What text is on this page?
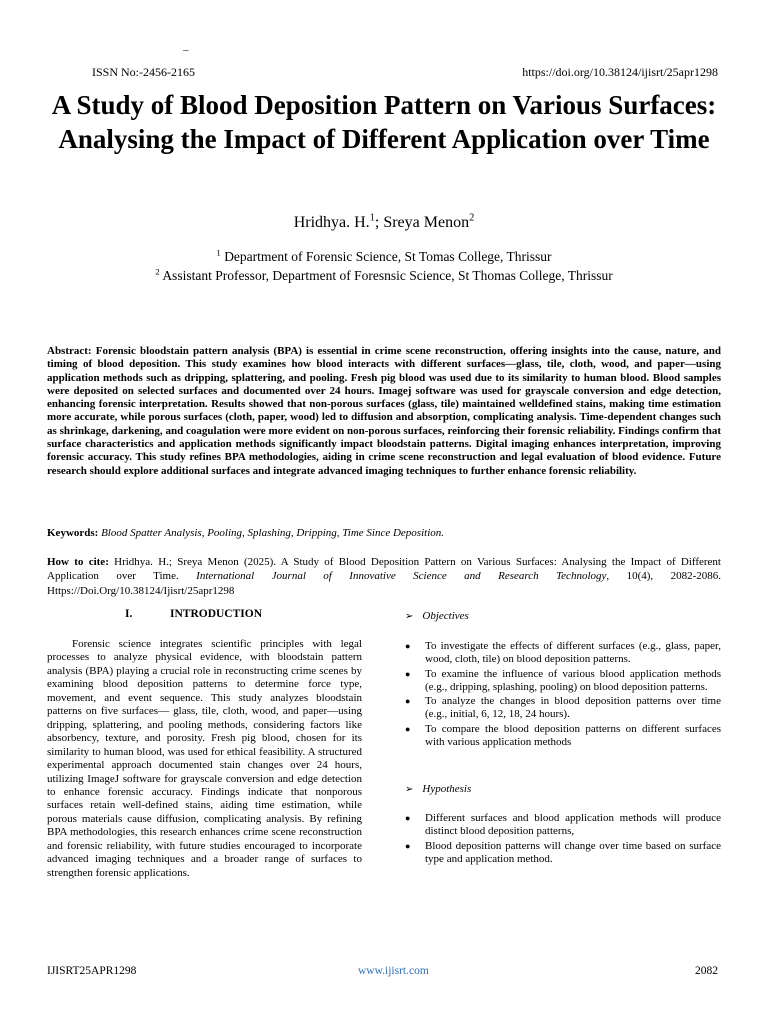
–
ISSN No:-2456-2165	https://doi.org/10.38124/ijisrt/25apr1298
A Study of Blood Deposition Pattern on Various Surfaces: Analysing the Impact of Different Application over Time
Hridhya. H.$^1$; Sreya Menon$^2$
$^1$ Department of Forensic Science, St Tomas College, Thrissur
$^2$ Assistant Professor, Department of Foresnsic Science, St Thomas College, Thrissur

Abstract: Forensic bloodstain pattern analysis (BPA) is essential in crime scene reconstruction, offering insights into the cause, nature, and timing of blood deposition. This study examines how blood interacts with different surfaces—glass, tile, cloth, wood, and paper—using application methods such as dripping, splattering, and pooling. Fresh pig blood was used due to its similarity to human blood. Blood samples were deposited on selected surfaces and documented over 24 hours. Imagej software was used for grayscale conversion and edge detection, enhancing forensic interpretation. Results showed that non-porous surfaces (glass, tile) maintained welldefined stains, making time estimation more accurate, while porous surfaces (cloth, paper, wood) led to diffusion and absorption, complicating analysis. Time-dependent changes such as shrinkage, darkening, and coagulation were more evident on non-porous surfaces, reinforcing their forensic reliability. Findings confirm that surface characteristics and application methods significantly impact bloodstain patterns. Digital imaging enhances interpretation, improving forensic accuracy. This study refines BPA methodologies, aiding in crime scene reconstruction and legal evaluation of blood evidence. Future research should explore additional surfaces and integrate advanced imaging techniques to further enhance forensic reliability.

Keywords: Blood Spatter Analysis, Pooling, Splashing, Dripping, Time Since Deposition.

How to cite: Hridhya. H.; Sreya Menon (2025). A Study of Blood Deposition Pattern on Various Surfaces: Analysing the Impact of Different Application over Time. International Journal of Innovative Science and Research Technology, 10(4), 2082-2086. Https://Doi.Org/10.38124/Ijisrt/25apr1298

I.	INTRODUCTION

Forensic science integrates scientific principles with legal processes to analyze physical evidence, with bloodstain pattern analysis (BPA) playing a crucial role in reconstructing crime scenes by examining blood deposition patterns to determine force type, movement, and event sequence. This study analyzes bloodstain patterns on five surfaces— glass, tile, cloth, wood, and paper—using dripping, splattering, and pooling methods, considering factors like absorbency, texture, and porosity. Fresh pig blood, chosen for its similarity to human blood, was used for ethical feasibility. A structured experimental approach documented stain changes over 24 hours, utilizing ImageJ software for grayscale conversion and edge detection to enhance forensic accuracy. Findings indicate that nonporous surfaces retain well-defined stains, aiding time estimation, while porous materials cause diffusion, complicating analysis. By refining BPA methodologies, this research enhances crime scene reconstruction and forensic reliability, with future studies encouraged to incorporate advanced imaging techniques and a broader range of surfaces to strengthen forensic applications.

➢ Objectives
● To investigate the effects of different surfaces (e.g., glass, paper, wood, cloth, tile) on blood deposition patterns.
● To examine the influence of various blood application methods (e.g., dripping, splashing, pooling) on blood deposition patterns.
● To analyze the changes in blood deposition patterns over time (e.g., initial, 6, 12, 18, 24 hours).
● To compare the blood deposition patterns on different surfaces with various application methods
➢ Hypothesis
● Different surfaces and blood application methods will produce distinct blood deposition patterns,
● Blood deposition patterns will change over time based on surface type and application method.
IJISRT25APR1298	www.ijisrt.com	2082
